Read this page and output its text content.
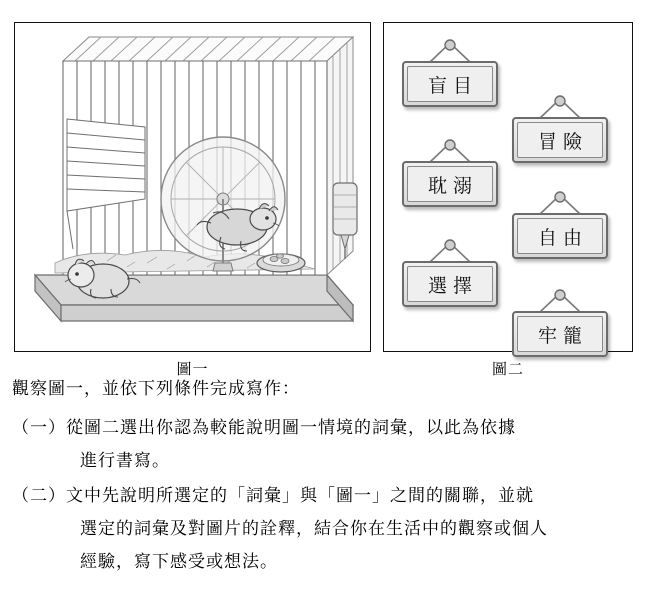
圖一
盲目
冒險
耽溺
自由
選擇
牢籠
圖二

觀察圖一，並依下列條件完成寫作：

（一） 從圖二選出你認為較能說明圖一情境的詞彙，以此為依據
進行書寫。
（二） 文中先說明所選定的「詞彙」與「圖一」之間的關聯，並就
選定的詞彙及對圖片的詮釋，結合你在生活中的觀察或個人
經驗，寫下感受或想法。
